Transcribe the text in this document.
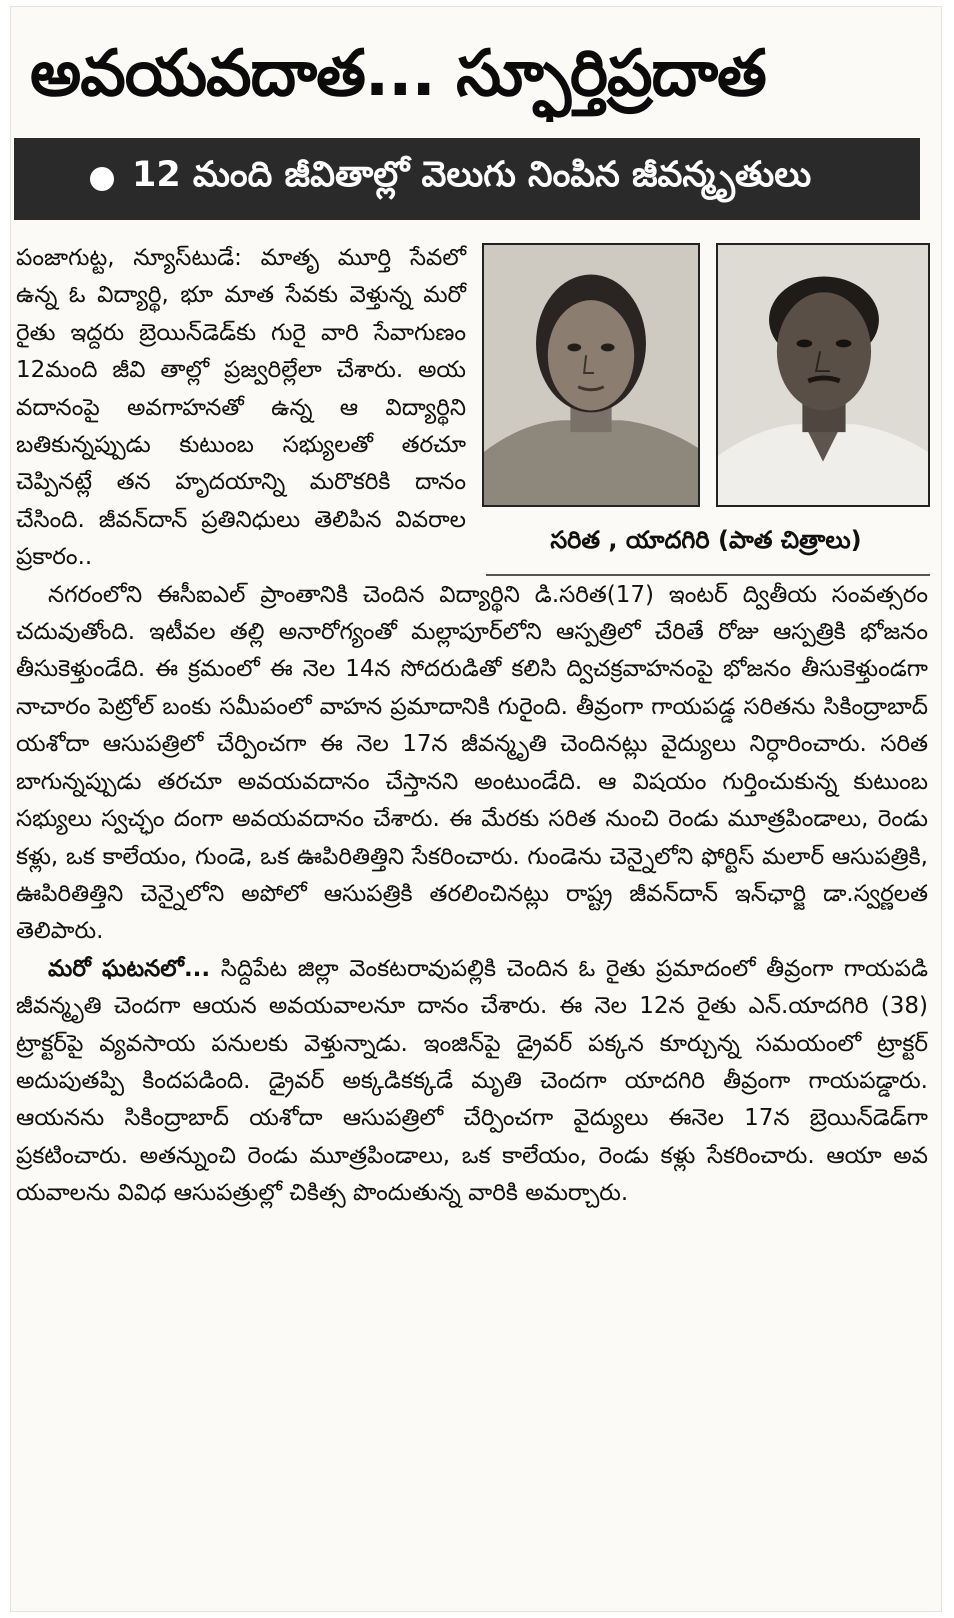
అవయవదాత... స్ఫూర్తిప్రదాత
12 మంది జీవితాల్లో వెలుగు నింపిన జీవన్మృతులు
సరిత , యాదగిరి (పాత చిత్రాలు)

పంజాగుట్ట, న్యూస్‌టుడే: మాతృ మూర్తి సేవలో ఉన్న ఓ విద్యార్థి, భూ మాత సేవకు వెళ్తున్న మరో రైతు ఇద్దరు బ్రెయిన్‌డెడ్‌కు గురై వారి సేవాగుణం 12మంది జీవి తాల్లో ప్రజ్వరిల్లేలా చేశారు. అయ వదానంపై అవగాహనతో ఉన్న ఆ విద్యార్థిని బతికున్నప్పుడు కుటుంబ సభ్యులతో తరచూ చెప్పినట్లే తన హృదయాన్ని మరొకరికి దానం చేసింది. జీవన్‌దాన్ ప్రతినిధులు తెలిపిన వివరాల ప్రకారం..

నగరంలోని ఈసీఐఎల్ ప్రాంతానికి చెందిన విద్యార్థిని డి.సరిత(17) ఇంటర్ ద్వితీయ సంవత్సరం చదువుతోంది. ఇటీవల తల్లి అనారోగ్యంతో మల్లాపూర్‌లోని ఆస్పత్రిలో చేరితే రోజు ఆస్పత్రికి భోజనం తీసుకెళ్తుండేది. ఈ క్రమంలో ఈ నెల 14న సోదరుడితో కలిసి ద్విచక్రవాహనంపై భోజనం తీసుకెళ్తుండగా నాచారం పెట్రోల్ బంకు సమీపంలో వాహన ప్రమాదానికి గురైంది. తీవ్రంగా గాయపడ్డ సరితను సికింద్రాబాద్ యశోదా ఆసుపత్రిలో చేర్పించగా ఈ నెల 17న జీవన్మృతి చెందినట్లు వైద్యులు నిర్ధారించారు. సరిత బాగున్నప్పుడు తరచూ అవయవదానం చేస్తానని అంటుండేది. ఆ విషయం గుర్తించుకున్న కుటుంబ సభ్యులు స్వచ్ఛం దంగా అవయవదానం చేశారు. ఈ మేరకు సరిత నుంచి రెండు మూత్రపిండాలు, రెండు కళ్లు, ఒక కాలేయం, గుండె, ఒక ఊపిరితిత్తిని సేకరించారు. గుండెను చెన్నైలోని ఫోర్టిస్ మలార్ ఆసుపత్రికి, ఊపిరితిత్తిని చెన్నైలోని అపోలో ఆసుపత్రికి తరలించినట్లు రాష్ట్ర జీవన్‌దాన్ ఇన్‌ఛార్జి డా.స్వర్ణలత తెలిపారు.

మరో ఘటనలో... సిద్దిపేట జిల్లా వెంకటరావుపల్లికి చెందిన ఓ రైతు ప్రమాదంలో తీవ్రంగా గాయపడి జీవన్మృతి చెందగా ఆయన అవయవాలనూ దానం చేశారు. ఈ నెల 12న రైతు ఎన్.యాదగిరి (38) ట్రాక్టర్‌పై వ్యవసాయ పనులకు వెళ్తున్నాడు. ఇంజిన్‌పై డ్రైవర్ పక్కన కూర్చున్న సమయంలో ట్రాక్టర్ అదుపుతప్పి కిందపడింది. డ్రైవర్ అక్కడికక్కడే మృతి చెందగా యాదగిరి తీవ్రంగా గాయపడ్డారు. ఆయనను సికింద్రాబాద్ యశోదా ఆసుపత్రిలో చేర్పించగా వైద్యులు ఈనెల 17న బ్రెయిన్‌డెడ్‌గా ప్రకటించారు. అతన్నుంచి రెండు మూత్రపిండాలు, ఒక కాలేయం, రెండు కళ్లు సేకరించారు. ఆయా అవ యవాలను వివిధ ఆసుపత్రుల్లో చికిత్స పొందుతున్న వారికి అమర్చారు.
